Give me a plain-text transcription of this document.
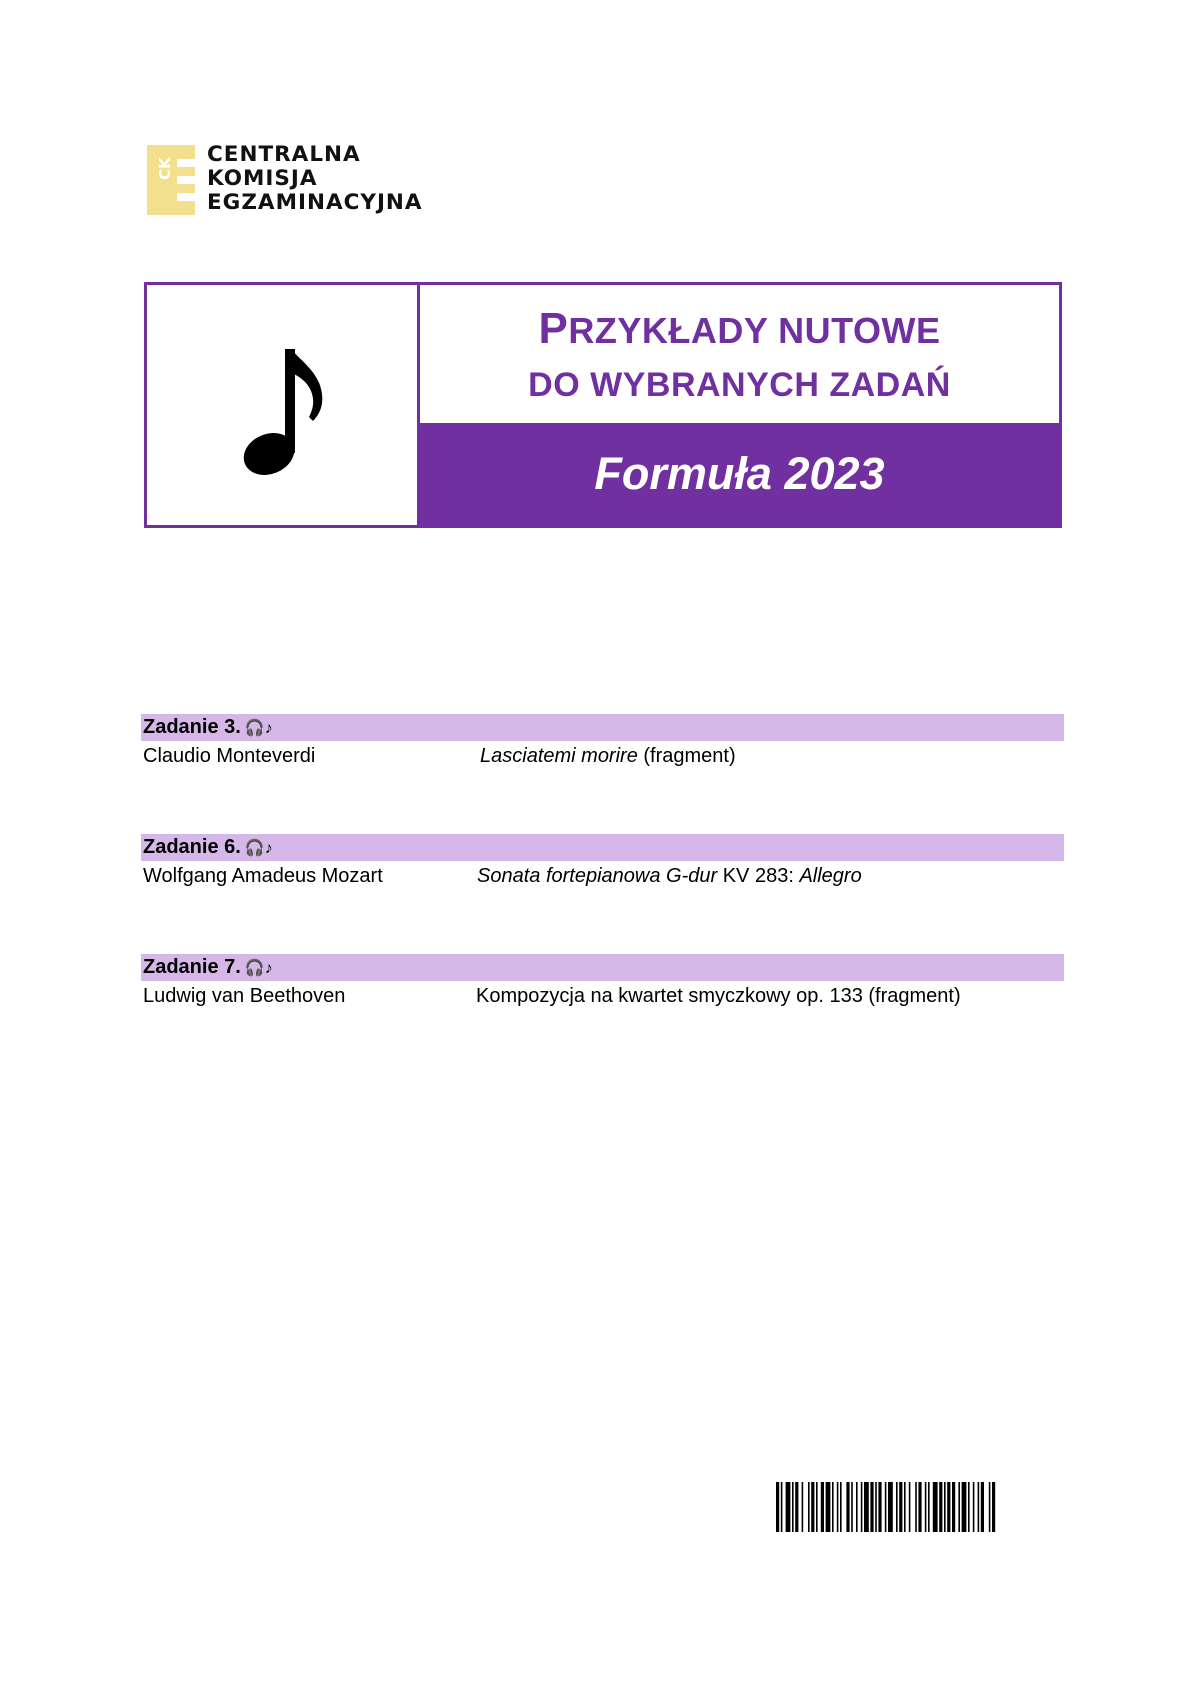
CK
CENTRALNA
KOMISJA
EGZAMINACYJNA
PRZYKŁADY NUTOWE
DO WYBRANYCH ZADAŃ
Formuła 2023
Zadanie 3. 🎧♪
Claudio Monteverdi	Lasciatemi morire (fragment)
Zadanie 6. 🎧♪
Wolfgang Amadeus Mozart	Sonata fortepianowa G-dur KV 283: Allegro
Zadanie 7. 🎧♪
Ludwig van Beethoven	Kompozycja na kwartet smyczkowy op. 133 (fragment)
